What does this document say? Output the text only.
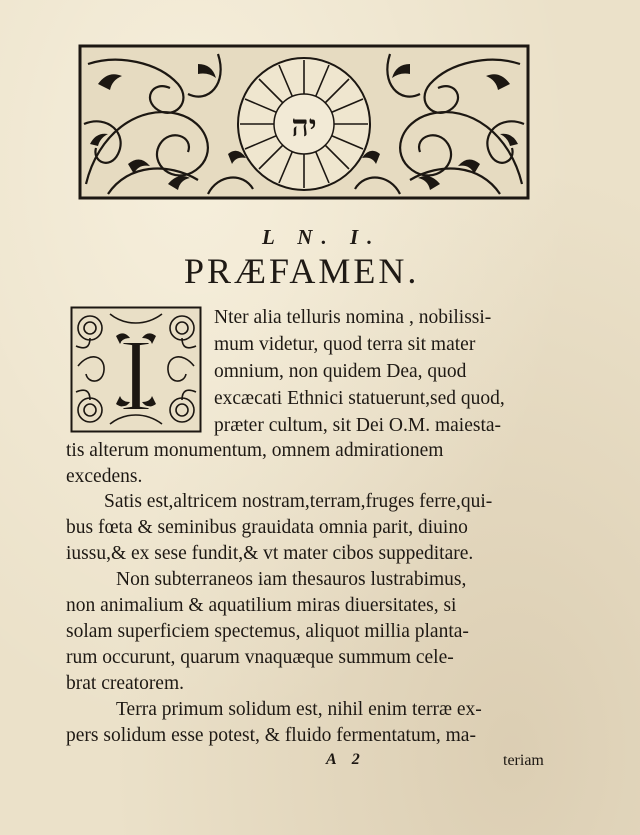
יה
L N. I.
PRÆFAMEN.
I
Nter alia telluris nomina , nobilissi-
mum videtur, quod terra sit mater
omnium, non quidem Dea, quod
excæcati Ethnici statuerunt,sed quod,
præter cultum, sit Dei O.M. maiesta-
tis alterum monumentum, omnem admirationem
excedens.
Satis est,altricem nostram,terram,fruges ferre,qui-
bus fœta & seminibus grauidata omnia parit, diuino
iussu,& ex sese fundit,& vt mater cibos suppeditare.
Non subterraneos iam thesauros lustrabimus,
non animalium & aquatilium miras diuersitates, si
solam superficiem spectemus, aliquot millia planta-
rum occurunt, quarum vnaquæque summum cele-
brat creatorem.
Terra primum solidum est, nihil enim terræ ex-
pers solidum esse potest, & fluido fermentatum, ma-
A 2	teriam
